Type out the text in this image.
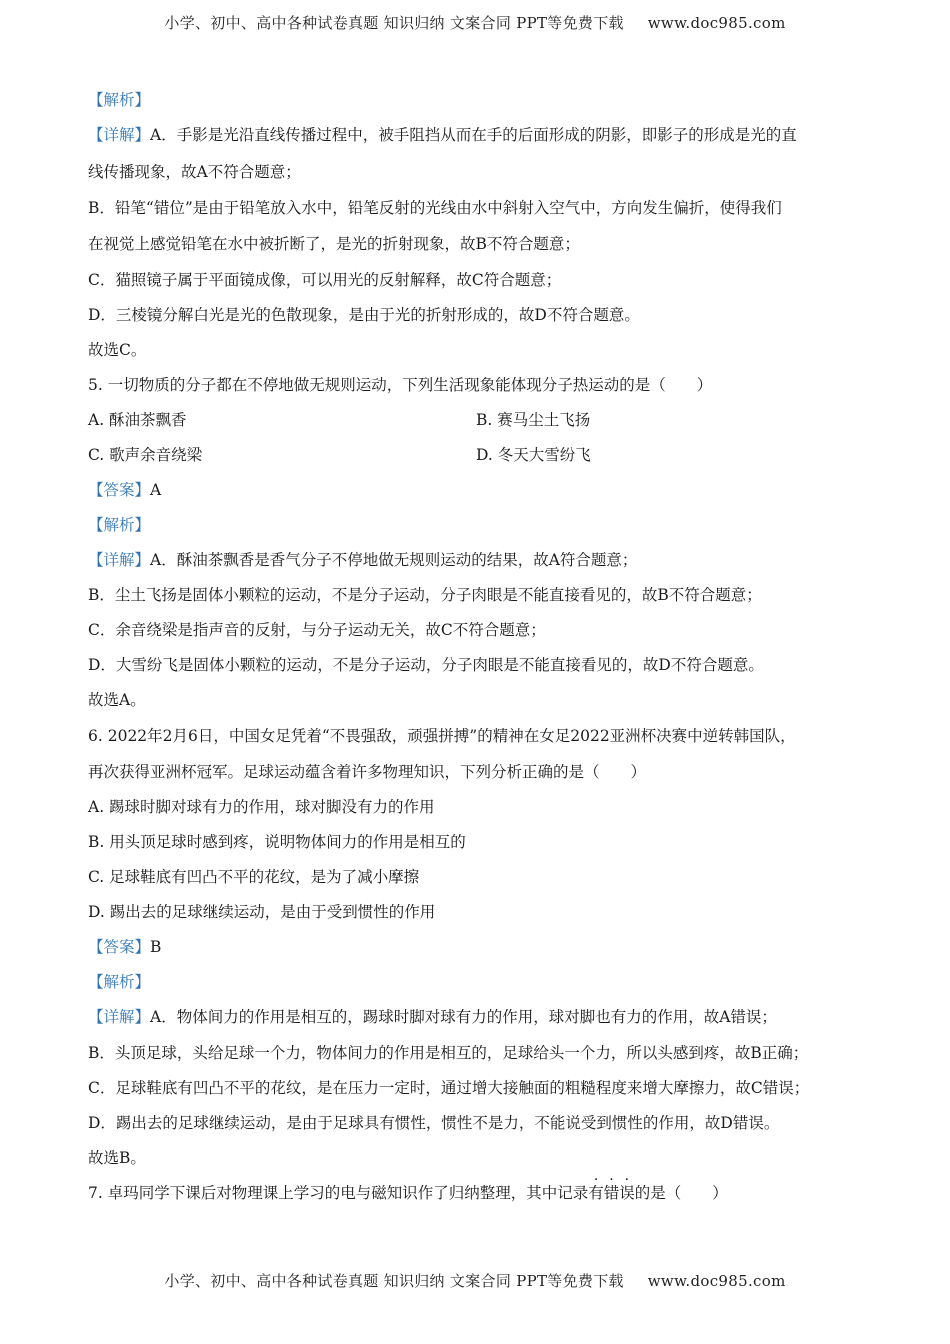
小学、初中、高中各种试卷真题 知识归纳 文案合同 PPT等免费下载 www.doc985.com
【解析】
【详解】A．手影是光沿直线传播过程中，被手阻挡从而在手的后面形成的阴影，即影子的形成是光的直
线传播现象，故A不符合题意；
B．铅笔“错位”是由于铅笔放入水中，铅笔反射的光线由水中斜射入空气中，方向发生偏折，使得我们
在视觉上感觉铅笔在水中被折断了，是光的折射现象，故B不符合题意；
C．猫照镜子属于平面镜成像，可以用光的反射解释，故C符合题意；
D．三棱镜分解白光是光的色散现象，是由于光的折射形成的，故D不符合题意。
故选C。
5. 一切物质的分子都在不停地做无规则运动，下列生活现象能体现分子热运动的是（　　）
A. 酥油茶飘香	B. 赛马尘土飞扬
C. 歌声余音绕梁	D. 冬天大雪纷飞
【答案】A
【解析】
【详解】A．酥油茶飘香是香气分子不停地做无规则运动的结果，故A符合题意；
B．尘土飞扬是固体小颗粒的运动，不是分子运动，分子肉眼是不能直接看见的，故B不符合题意；
C．余音绕梁是指声音的反射，与分子运动无关，故C不符合题意；
D．大雪纷飞是固体小颗粒的运动，不是分子运动，分子肉眼是不能直接看见的，故D不符合题意。
故选A。
6. 2022年2月6日，中国女足凭着“不畏强敌，顽强拼搏”的精神在女足2022亚洲杯决赛中逆转韩国队，
再次获得亚洲杯冠军。足球运动蕴含着许多物理知识，下列分析正确的是（　　）
A. 踢球时脚对球有力的作用，球对脚没有力的作用
B. 用头顶足球时感到疼，说明物体间力的作用是相互的
C. 足球鞋底有凹凸不平的花纹，是为了减小摩擦
D. 踢出去的足球继续运动，是由于受到惯性的作用
【答案】B
【解析】
【详解】A．物体间力的作用是相互的，踢球时脚对球有力的作用，球对脚也有力的作用，故A错误；
B．头顶足球，头给足球一个力，物体间力的作用是相互的，足球给头一个力，所以头感到疼，故B正确；
C．足球鞋底有凹凸不平的花纹，是在压力一定时，通过增大接触面的粗糙程度来增大摩擦力，故C错误；
D．踢出去的足球继续运动，是由于足球具有惯性，惯性不是力，不能说受到惯性的作用，故D错误。
故选B。
7. 卓玛同学下课后对物理课上学习的电与磁知识作了归纳整理，其中记录有错误
· · ·
的是（　　）
小学、初中、高中各种试卷真题 知识归纳 文案合同 PPT等免费下载 www.doc985.com
